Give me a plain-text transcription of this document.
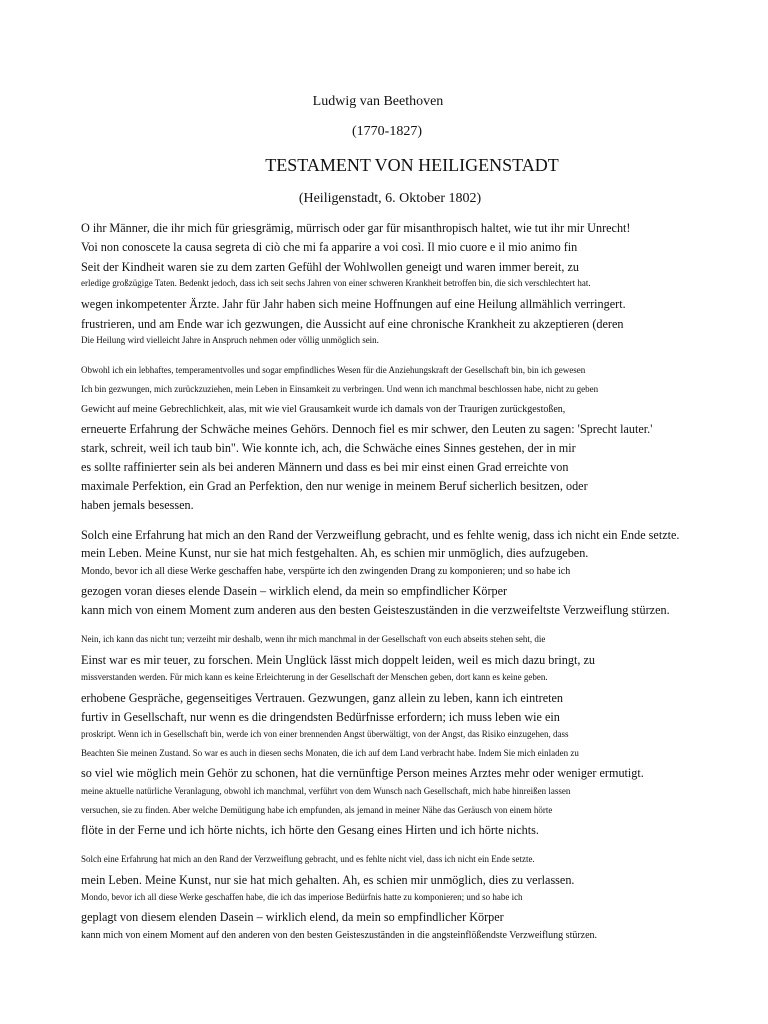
Ludwig van Beethoven
(1770-1827)
TESTAMENT VON HEILIGENSTADT
(Heiligenstadt, 6. Oktober 1802)
O ihr Männer, die ihr mich für griesgrämig, mürrisch oder gar für misanthropisch haltet, wie tut ihr mir Unrecht!
Voi non conoscete la causa segreta di ciò che mi fa apparire a voi così. Il mio cuore e il mio animo fin
Seit der Kindheit waren sie zu dem zarten Gefühl der Wohlwollen geneigt und waren immer bereit, zu
erledige großzügige Taten. Bedenkt jedoch, dass ich seit sechs Jahren von einer schweren Krankheit betroffen bin, die sich verschlechtert hat.
wegen inkompetenter Ärzte. Jahr für Jahr haben sich meine Hoffnungen auf eine Heilung allmählich verringert.
frustrieren, und am Ende war ich gezwungen, die Aussicht auf eine chronische Krankheit zu akzeptieren (deren
Die Heilung wird vielleicht Jahre in Anspruch nehmen oder völlig unmöglich sein.
Obwohl ich ein lebhaftes, temperamentvolles und sogar empfindliches Wesen für die Anziehungskraft der Gesellschaft bin, bin ich gewesen
Ich bin gezwungen, mich zurückzuziehen, mein Leben in Einsamkeit zu verbringen. Und wenn ich manchmal beschlossen habe, nicht zu geben
Gewicht auf meine Gebrechlichkeit, alas, mit wie viel Grausamkeit wurde ich damals von der Traurigen zurückgestoßen,
erneuerte Erfahrung der Schwäche meines Gehörs. Dennoch fiel es mir schwer, den Leuten zu sagen: 'Sprecht lauter.'
stark, schreit, weil ich taub bin". Wie konnte ich, ach, die Schwäche eines Sinnes gestehen, der in mir
es sollte raffinierter sein als bei anderen Männern und dass es bei mir einst einen Grad erreichte von
maximale Perfektion, ein Grad an Perfektion, den nur wenige in meinem Beruf sicherlich besitzen, oder
haben jemals besessen.
Solch eine Erfahrung hat mich an den Rand der Verzweiflung gebracht, und es fehlte wenig, dass ich nicht ein Ende setzte.
mein Leben. Meine Kunst, nur sie hat mich festgehalten. Ah, es schien mir unmöglich, dies aufzugeben.
Mondo, bevor ich all diese Werke geschaffen habe, verspürte ich den zwingenden Drang zu komponieren; und so habe ich
gezogen voran dieses elende Dasein – wirklich elend, da mein so empfindlicher Körper
kann mich von einem Moment zum anderen aus den besten Geisteszuständen in die verzweifeltste Verzweiflung stürzen.
Nein, ich kann das nicht tun; verzeiht mir deshalb, wenn ihr mich manchmal in der Gesellschaft von euch abseits stehen seht, die
Einst war es mir teuer, zu forschen. Mein Unglück lässt mich doppelt leiden, weil es mich dazu bringt, zu
missverstanden werden. Für mich kann es keine Erleichterung in der Gesellschaft der Menschen geben, dort kann es keine geben.
erhobene Gespräche, gegenseitiges Vertrauen. Gezwungen, ganz allein zu leben, kann ich eintreten
furtiv in Gesellschaft, nur wenn es die dringendsten Bedürfnisse erfordern; ich muss leben wie ein
proskript. Wenn ich in Gesellschaft bin, werde ich von einer brennenden Angst überwältigt, von der Angst, das Risiko einzugehen, dass
Beachten Sie meinen Zustand. So war es auch in diesen sechs Monaten, die ich auf dem Land verbracht habe. Indem Sie mich einladen zu
so viel wie möglich mein Gehör zu schonen, hat die vernünftige Person meines Arztes mehr oder weniger ermutigt.
meine aktuelle natürliche Veranlagung, obwohl ich manchmal, verführt von dem Wunsch nach Gesellschaft, mich habe hinreißen lassen
versuchen, sie zu finden. Aber welche Demütigung habe ich empfunden, als jemand in meiner Nähe das Geräusch von einem hörte
flöte in der Ferne und ich hörte nichts, ich hörte den Gesang eines Hirten und ich hörte nichts.
Solch eine Erfahrung hat mich an den Rand der Verzweiflung gebracht, und es fehlte nicht viel, dass ich nicht ein Ende setzte.
mein Leben. Meine Kunst, nur sie hat mich gehalten. Ah, es schien mir unmöglich, dies zu verlassen.
Mondo, bevor ich all diese Werke geschaffen habe, die ich das imperiose Bedürfnis hatte zu komponieren; und so habe ich
geplagt von diesem elenden Dasein – wirklich elend, da mein so empfindlicher Körper
kann mich von einem Moment auf den anderen von den besten Geisteszuständen in die angsteinflößendste Verzweiflung stürzen.
